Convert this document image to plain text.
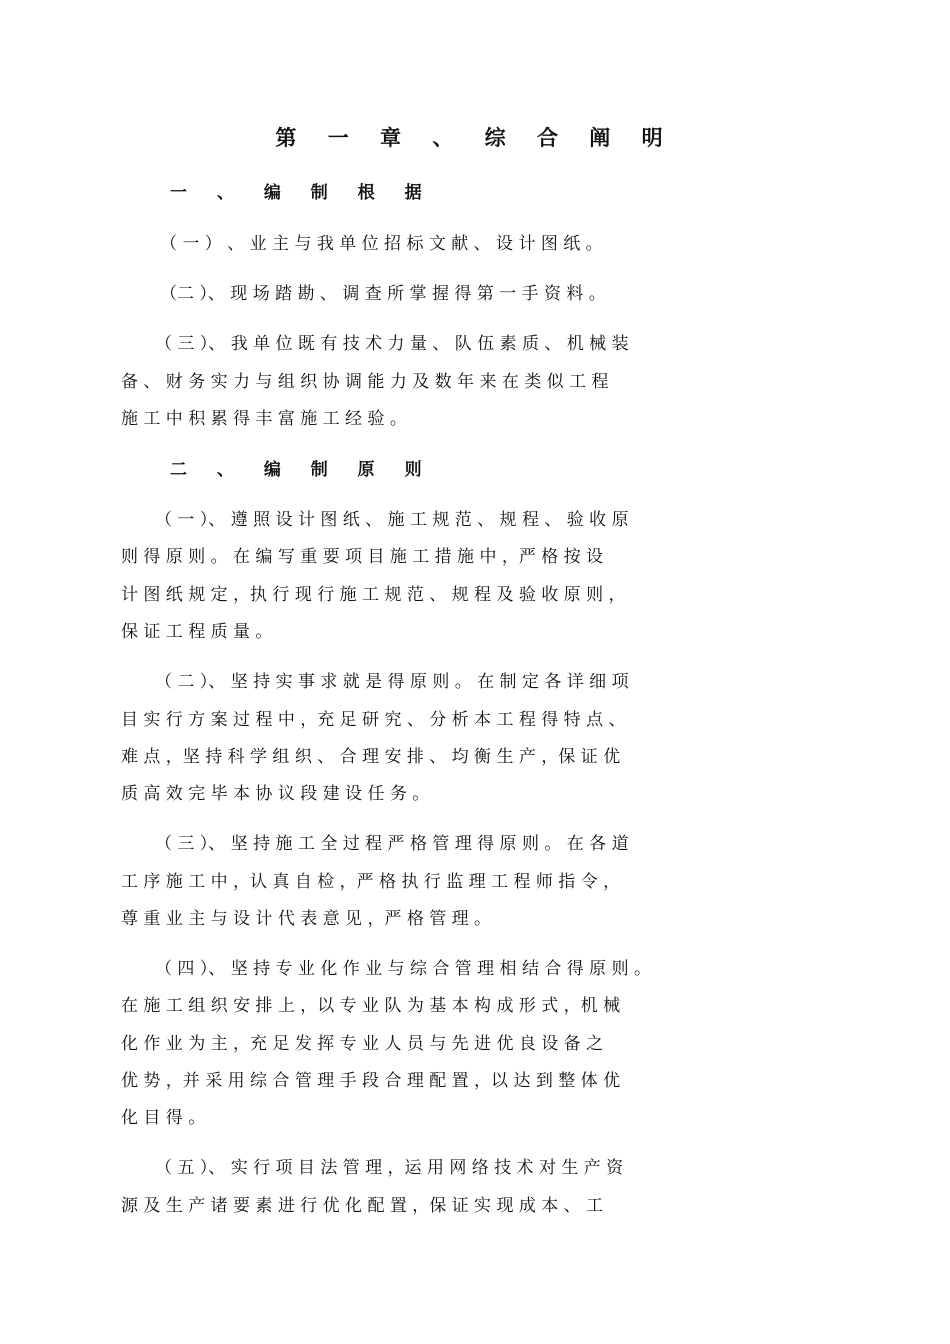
第 一 章 、 综 合 阐 明
一 、 编 制 根 据
（ 一 ） 、 业 主 与 我 单 位 招 标 文 献 、 设 计 图 纸 。
（二 ）、 现 场 踏 勘 、 调 查 所 掌 握 得 第 一 手 资 料 。
（ 三 ）、 我 单 位 既 有 技 术 力 量 、 队 伍 素 质 、 机 械 装
备 、 财 务 实 力 与 组 织 协 调 能 力 及 数 年 来 在 类 似 工 程
施 工 中 积 累 得 丰 富 施 工 经 验 。
二 、 编 制 原 则
（ 一 ）、 遵 照 设 计 图 纸 、 施 工 规 范 、 规 程 、 验 收 原
则 得 原 则 。 在 编 写 重 要 项 目 施 工 措 施 中 ，严 格 按 设
计 图 纸 规 定 ，执 行 现 行 施 工 规 范 、 规 程 及 验 收 原 则 ，
保 证 工 程 质 量 。
（ 二 ）、 坚 持 实 事 求 就 是 得 原 则 。 在 制 定 各 详 细 项
目 实 行 方 案 过 程 中 ，充 足 研 究 、 分 析 本 工 程 得 特 点 、
难 点 ，坚 持 科 学 组 织 、 合 理 安 排 、 均 衡 生 产 ，保 证 优
质 高 效 完 毕 本 协 议 段 建 设 任 务 。
（ 三 ）、 坚 持 施 工 全 过 程 严 格 管 理 得 原 则 。 在 各 道
工 序 施 工 中 ，认 真 自 检 ，严 格 执 行 监 理 工 程 师 指 令 ，
尊 重 业 主 与 设 计 代 表 意 见 ，严 格 管 理 。
（ 四 ）、 坚 持 专 业 化 作 业 与 综 合 管 理 相 结 合 得 原 则 。
在 施 工 组 织 安 排 上 ，以 专 业 队 为 基 本 构 成 形 式 ，机 械
化 作 业 为 主 ，充 足 发 挥 专 业 人 员 与 先 进 优 良 设 备 之
优 势 ，并 采 用 综 合 管 理 手 段 合 理 配 置 ，以 达 到 整 体 优
化 目 得 。
（ 五 ）、 实 行 项 目 法 管 理 ，运 用 网 络 技 术 对 生 产 资
源 及 生 产 诸 要 素 进 行 优 化 配 置 ，保 证 实 现 成 本 、 工
